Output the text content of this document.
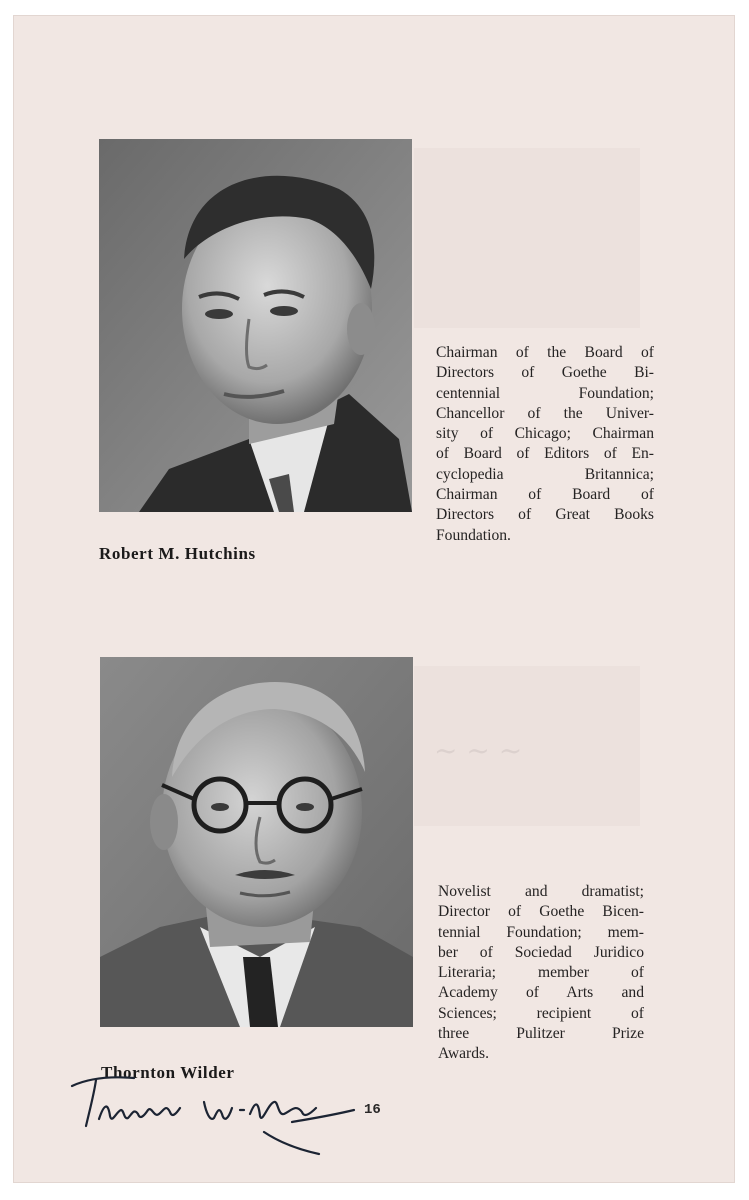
~ ~ ~
Robert M. Hutchins
Chairman of the Board of
Directors of Goethe Bi-
centennial Foundation;
Chancellor of the Univer-
sity of Chicago; Chairman
of Board of Editors of En-
cyclopedia Britannica;
Chairman of Board of
Directors of Great Books
Foundation.
Thornton Wilder
Novelist and dramatist;
Director of Goethe Bicen-
tennial Foundation; mem-
ber of Sociedad Juridico
Literaria; member of
Academy of Arts and
Sciences; recipient of
three Pulitzer Prize
Awards.
16
